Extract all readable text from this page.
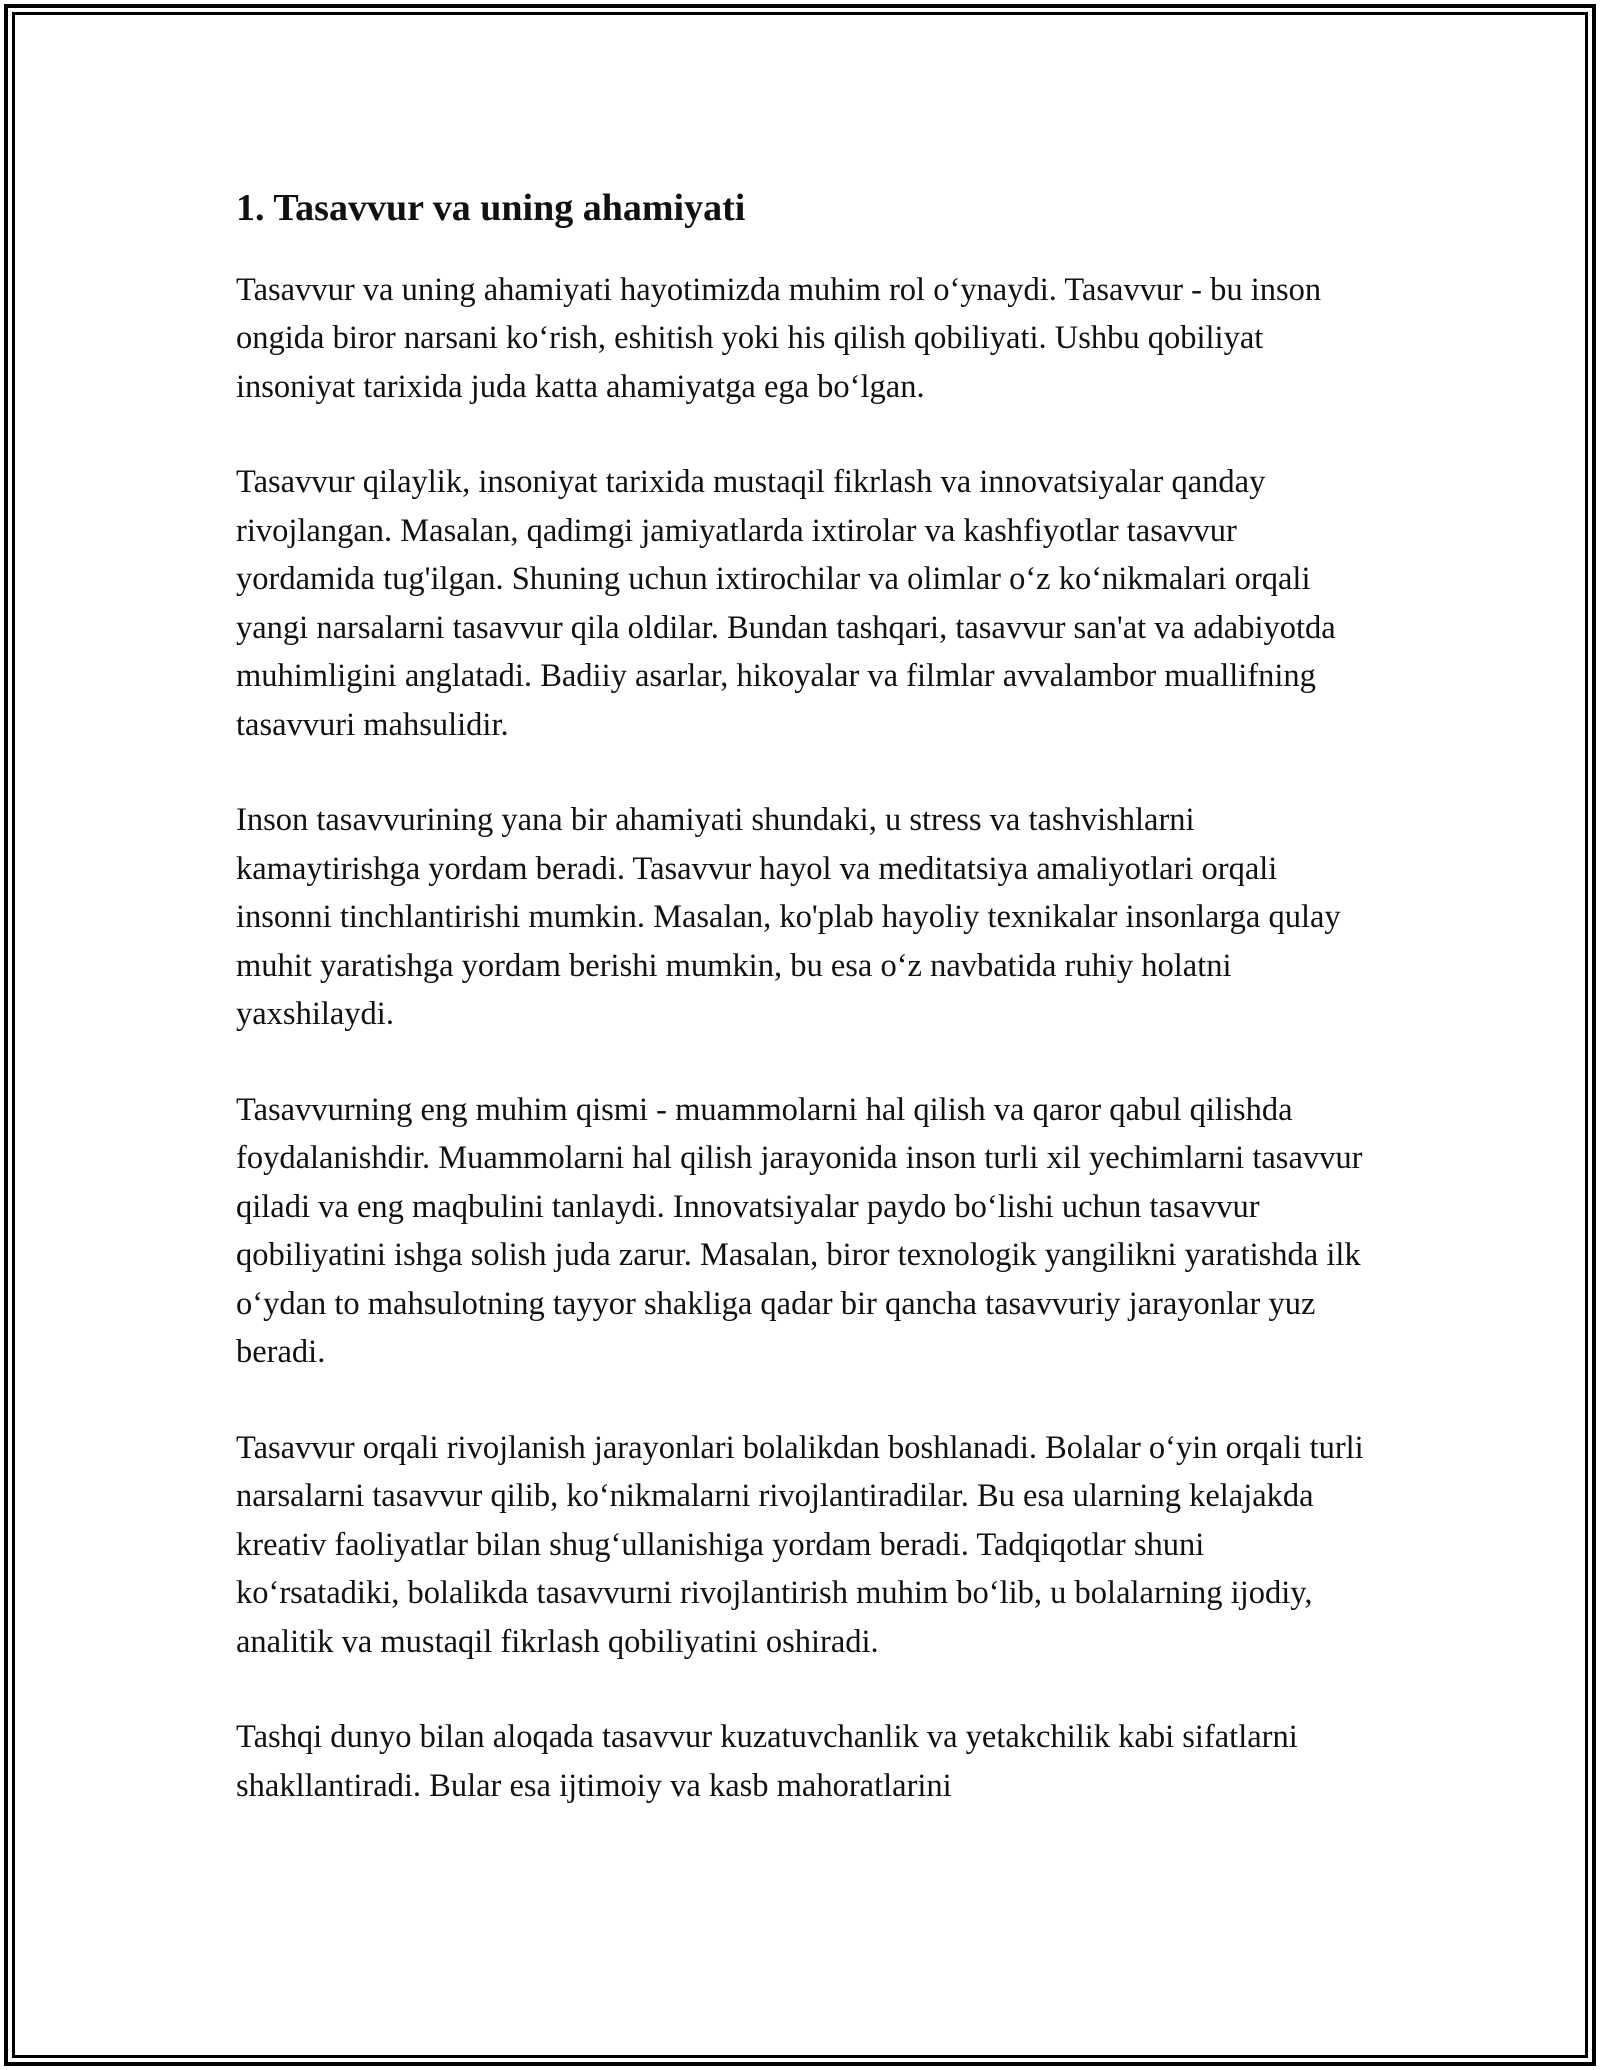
1. Tasavvur va uning ahamiyati

Tasavvur va uning ahamiyati hayotimizda muhim rol o‘ynaydi. Tasavvur - bu inson ongida biror narsani ko‘rish, eshitish yoki his qilish qobiliyati. Ushbu qobiliyat insoniyat tarixida juda katta ahamiyatga ega bo‘lgan.

Tasavvur qilaylik, insoniyat tarixida mustaqil fikrlash va innovatsiyalar qanday rivojlangan. Masalan, qadimgi jamiyatlarda ixtirolar va kashfiyotlar tasavvur yordamida tug'ilgan. Shuning uchun ixtirochilar va olimlar o‘z ko‘nikmalari orqali yangi narsalarni tasavvur qila oldilar. Bundan tashqari, tasavvur san'at va adabiyotda muhimligini anglatadi. Badiiy asarlar, hikoyalar va filmlar avvalambor muallifning tasavvuri mahsulidir.

Inson tasavvurining yana bir ahamiyati shundaki, u stress va tashvishlarni kamaytirishga yordam beradi. Tasavvur hayol va meditatsiya amaliyotlari orqali insonni tinchlantirishi mumkin. Masalan, ko'plab hayoliy texnikalar insonlarga qulay muhit yaratishga yordam berishi mumkin, bu esa o‘z navbatida ruhiy holatni yaxshilaydi.

Tasavvurning eng muhim qismi - muammolarni hal qilish va qaror qabul qilishda foydalanishdir. Muammolarni hal qilish jarayonida inson turli xil yechimlarni tasavvur qiladi va eng maqbulini tanlaydi. Innovatsiyalar paydo bo‘lishi uchun tasavvur qobiliyatini ishga solish juda zarur. Masalan, biror texnologik yangilikni yaratishda ilk o‘ydan to mahsulotning tayyor shakliga qadar bir qancha tasavvuriy jarayonlar yuz beradi.

Tasavvur orqali rivojlanish jarayonlari bolalikdan boshlanadi. Bolalar o‘yin orqali turli narsalarni tasavvur qilib, ko‘nikmalarni rivojlantiradilar. Bu esa ularning kelajakda kreativ faoliyatlar bilan shug‘ullanishiga yordam beradi. Tadqiqotlar shuni ko‘rsatadiki, bolalikda tasavvurni rivojlantirish muhim bo‘lib, u bolalarning ijodiy, analitik va mustaqil fikrlash qobiliyatini oshiradi.

Tashqi dunyo bilan aloqada tasavvur kuzatuvchanlik va yetakchilik kabi sifatlarni shakllantiradi. Bular esa ijtimoiy va kasb mahoratlarini
